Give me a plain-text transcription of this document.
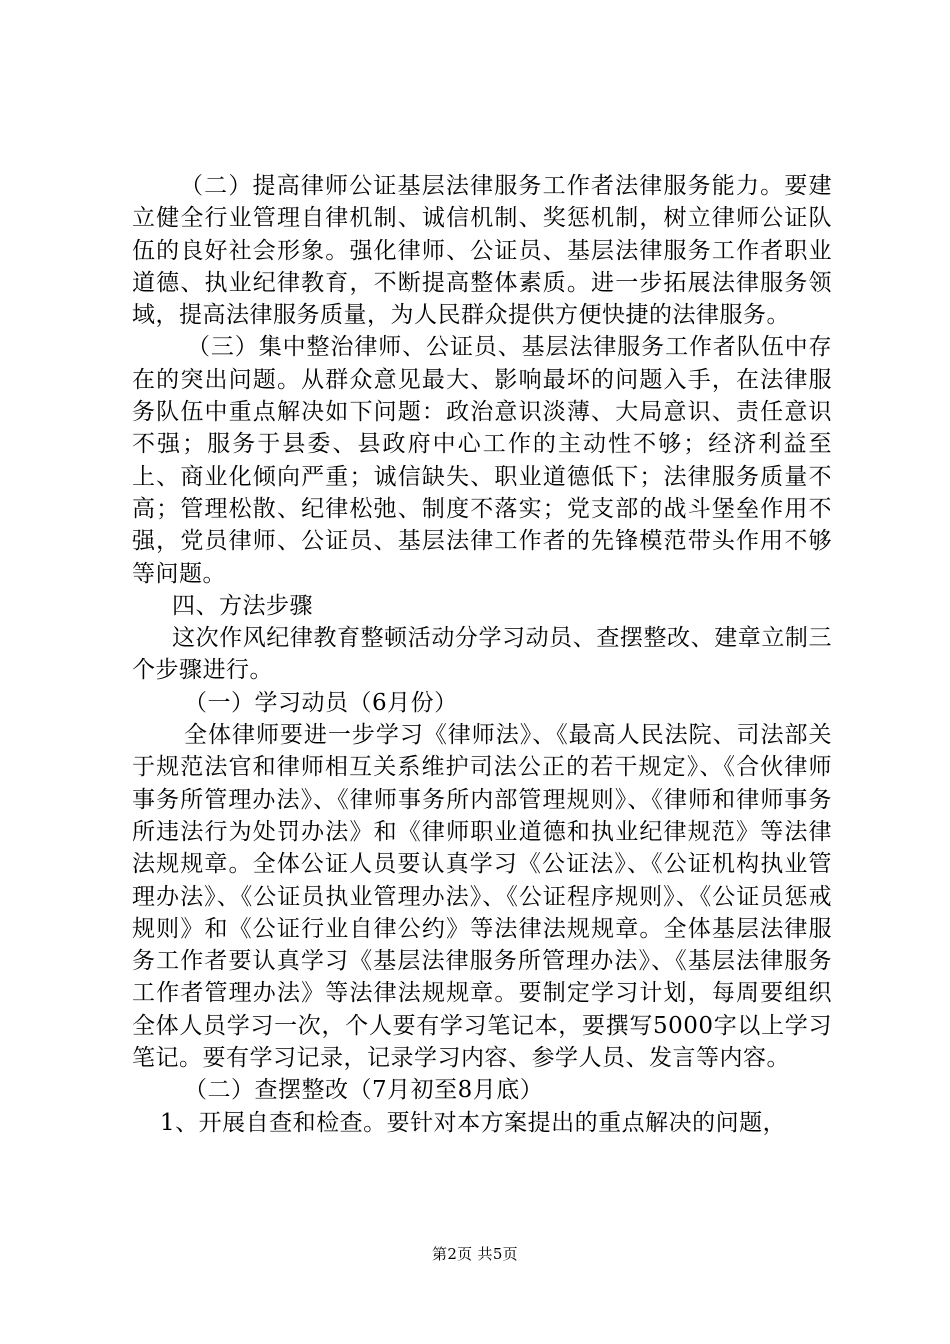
（二）提高律师公证基层法律服务工作者法律服务能力。要建立健全行业管理自律机制、诚信机制、奖惩机制，树立律师公证队伍的良好社会形象。强化律师、公证员、基层法律服务工作者职业道德、执业纪律教育，不断提高整体素质。进一步拓展法律服务领域，提高法律服务质量，为人民群众提供方便快捷的法律服务。

（三）集中整治律师、公证员、基层法律服务工作者队伍中存在的突出问题。从群众意见最大、影响最坏的问题入手，在法律服务队伍中重点解决如下问题：政治意识淡薄、大局意识、责任意识不强；服务于县委、县政府中心工作的主动性不够；经济利益至上、商业化倾向严重；诚信缺失、职业道德低下；法律服务质量不高；管理松散、纪律松弛、制度不落实；党支部的战斗堡垒作用不强，党员律师、公证员、基层法律工作者的先锋模范带头作用不够等问题。

四、方法步骤

这次作风纪律教育整顿活动分学习动员、查摆整改、建章立制三个步骤进行。

（一）学习动员（6月份）

全体律师要进一步学习《律师法》、《最高人民法院、司法部关于规范法官和律师相互关系维护司法公正的若干规定》、《合伙律师事务所管理办法》、《律师事务所内部管理规则》、《律师和律师事务所违法行为处罚办法》和《律师职业道德和执业纪律规范》等法律法规规章。全体公证人员要认真学习《公证法》、《公证机构执业管理办法》、《公证员执业管理办法》、《公证程序规则》、《公证员惩戒规则》和《公证行业自律公约》等法律法规规章。全体基层法律服务工作者要认真学习《基层法律服务所管理办法》、《基层法律服务工作者管理办法》等法律法规规章。要制定学习计划，每周要组织全体人员学习一次，个人要有学习笔记本，要撰写5000字以上学习笔记。要有学习记录，记录学习内容、参学人员、发言等内容。

（二）查摆整改（7月初至8月底）

1、开展自查和检查。要针对本方案提出的重点解决的问题，

第2页 共5页
